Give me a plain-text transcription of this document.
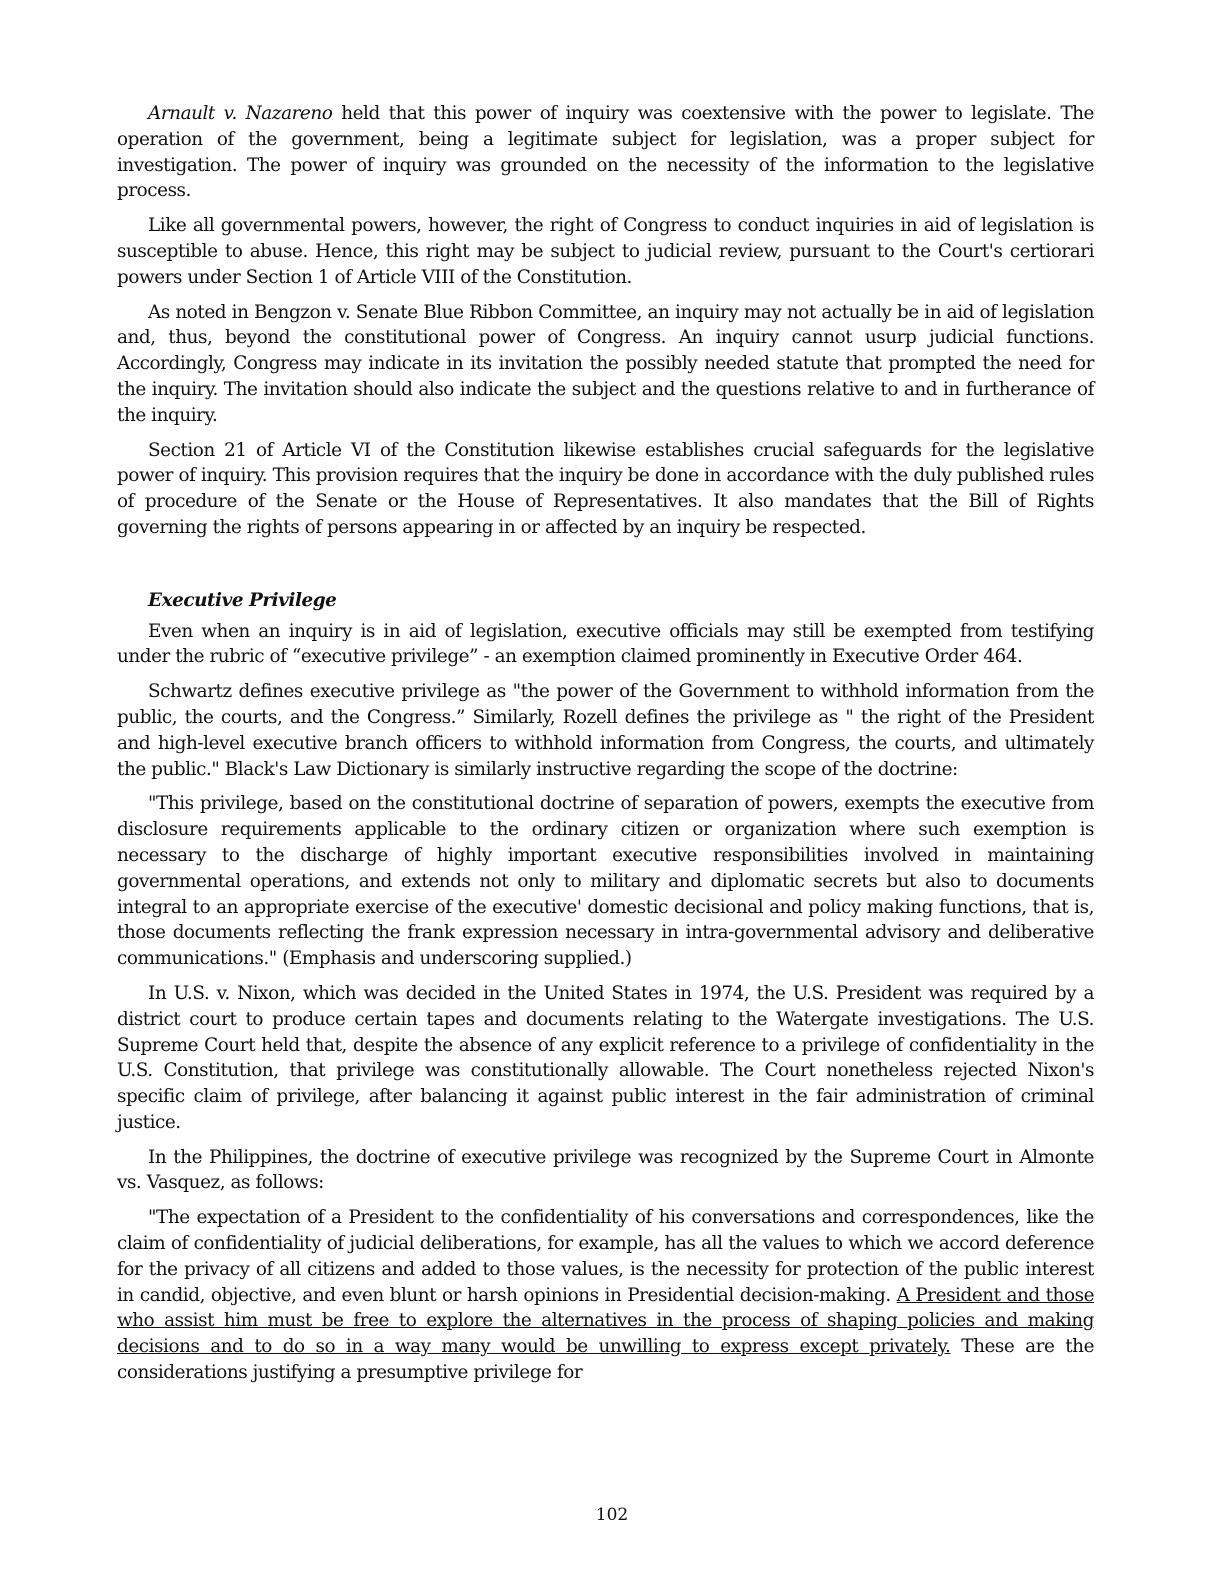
Arnault v. Nazareno held that this power of inquiry was coextensive with the power to legislate. The operation of the government, being a legitimate subject for legislation, was a proper subject for investigation. The power of inquiry was grounded on the necessity of the information to the legislative process.

Like all governmental powers, however, the right of Congress to conduct inquiries in aid of legislation is susceptible to abuse. Hence, this right may be subject to judicial review, pursuant to the Court's certiorari powers under Section 1 of Article VIII of the Constitution.

As noted in Bengzon v. Senate Blue Ribbon Committee, an inquiry may not actually be in aid of legislation and, thus, beyond the constitutional power of Congress. An inquiry cannot usurp judicial functions. Accordingly, Congress may indicate in its invitation the possibly needed statute that prompted the need for the inquiry. The invitation should also indicate the subject and the questions relative to and in furtherance of the inquiry.

Section 21 of Article VI of the Constitution likewise establishes crucial safeguards for the legislative power of inquiry. This provision requires that the inquiry be done in accordance with the duly published rules of procedure of the Senate or the House of Representatives. It also mandates that the Bill of Rights governing the rights of persons appearing in or affected by an inquiry be respected.

Executive Privilege

Even when an inquiry is in aid of legislation, executive officials may still be exempted from testifying under the rubric of “executive privilege” - an exemption claimed prominently in Executive Order 464.

Schwartz defines executive privilege as "the power of the Government to withhold information from the public, the courts, and the Congress.” Similarly, Rozell defines the privilege as " the right of the President and high-level executive branch officers to withhold information from Congress, the courts, and ultimately the public." Black's Law Dictionary is similarly instructive regarding the scope of the doctrine:

"This privilege, based on the constitutional doctrine of separation of powers, exempts the executive from disclosure requirements applicable to the ordinary citizen or organization where such exemption is necessary to the discharge of highly important executive responsibilities involved in maintaining governmental operations, and extends not only to military and diplomatic secrets but also to documents integral to an appropriate exercise of the executive' domestic decisional and policy making functions, that is, those documents reflecting the frank expression necessary in intra-governmental advisory and deliberative communications." (Emphasis and underscoring supplied.)

In U.S. v. Nixon, which was decided in the United States in 1974, the U.S. President was required by a district court to produce certain tapes and documents relating to the Watergate investigations. The U.S. Supreme Court held that, despite the absence of any explicit reference to a privilege of confidentiality in the U.S. Constitution, that privilege was constitutionally allowable. The Court nonetheless rejected Nixon's specific claim of privilege, after balancing it against public interest in the fair administration of criminal justice.

In the Philippines, the doctrine of executive privilege was recognized by the Supreme Court in Almonte vs. Vasquez, as follows:

"The expectation of a President to the confidentiality of his conversations and correspondences, like the claim of confidentiality of judicial deliberations, for example, has all the values to which we accord deference for the privacy of all citizens and added to those values, is the necessity for protection of the public interest in candid, objective, and even blunt or harsh opinions in Presidential decision-making. A President and those who assist him must be free to explore the alternatives in the process of shaping policies and making decisions and to do so in a way many would be unwilling to express except privately. These are the considerations justifying a presumptive privilege for

102
